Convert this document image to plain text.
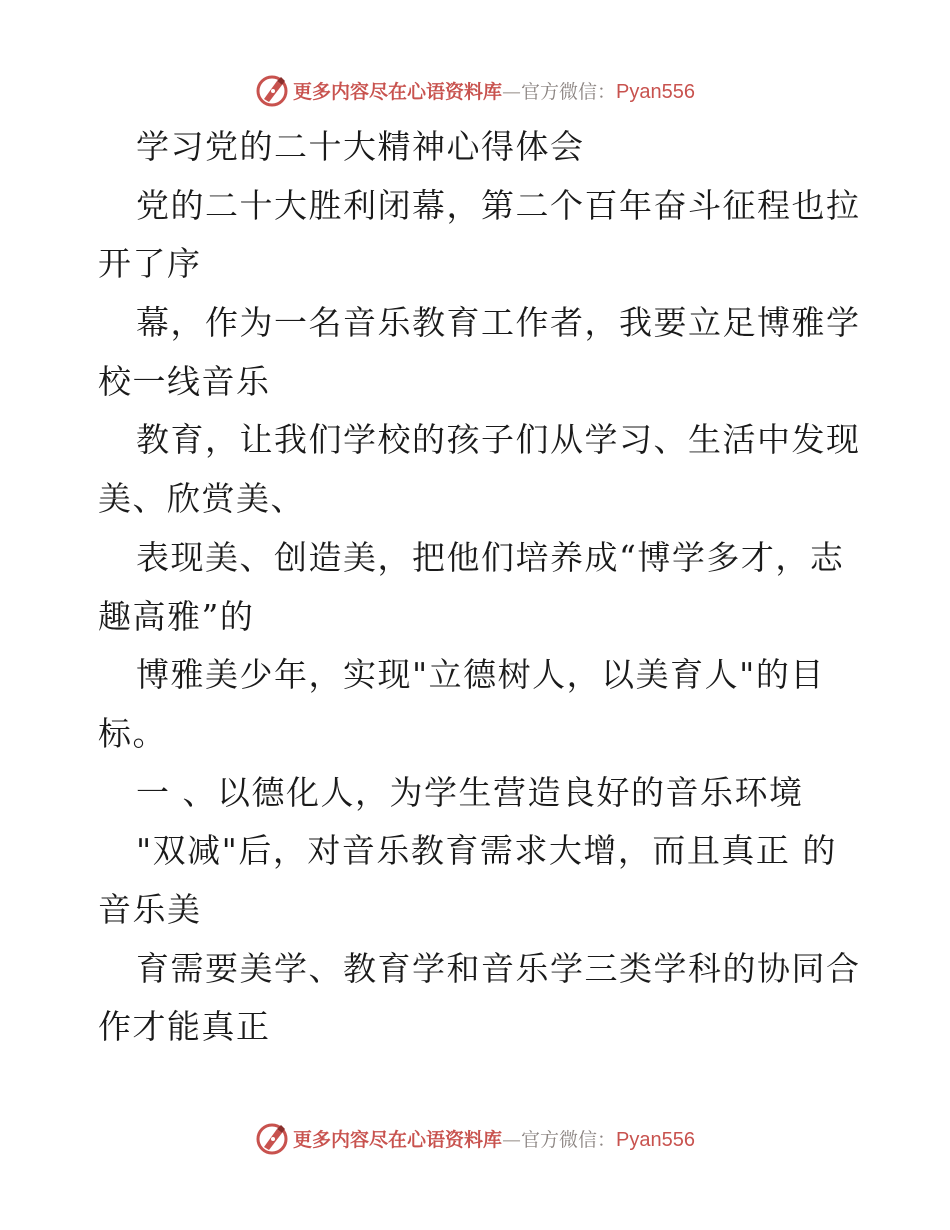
更多内容尽在心语资料库—官方微信：Pyan556
学习党的二十大精神心得体会
党的二十大胜利闭幕，第二个百年奋斗征程也拉
开了序
幕，作为一名音乐教育工作者，我要立足博雅学
校一线音乐
教育，让我们学校的孩子们从学习、生活中发现
美、欣赏美、
表现美、创造美，把他们培养成“博学多才，志
趣高雅”的
博雅美少年，实现"立德树人，以美育人"的目
标。
一 、以德化人，为学生营造良好的音乐环境
"双减"后，对音乐教育需求大增，而且真正 的
音乐美
育需要美学、教育学和音乐学三类学科的协同合
作才能真正
更多内容尽在心语资料库—官方微信：Pyan556
